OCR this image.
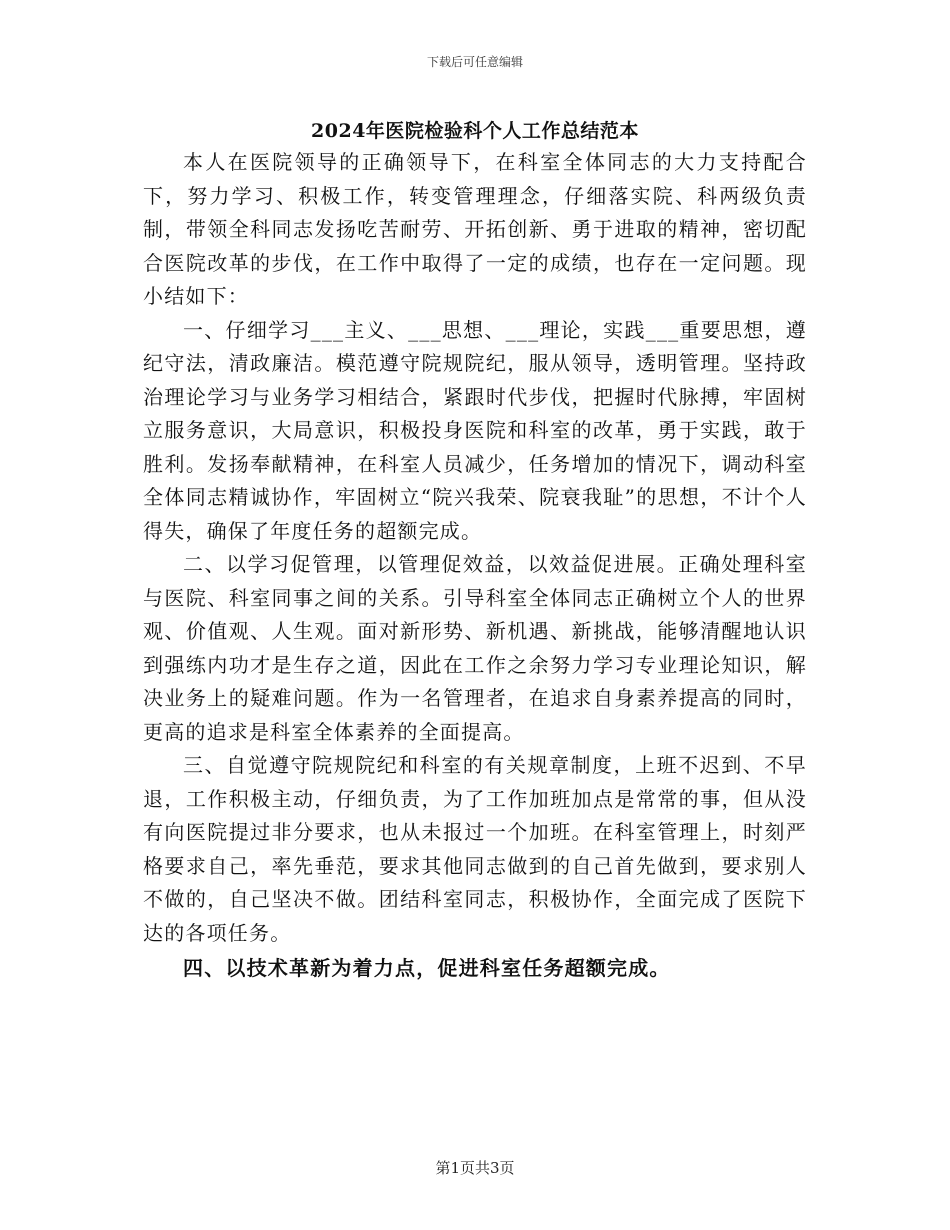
下载后可任意编辑
2024年医院检验科个人工作总结范本

本人在医院领导的正确领导下，在科室全体同志的大力支持配合下，努力学习、积极工作，转变管理理念，仔细落实院、科两级负责制，带领全科同志发扬吃苦耐劳、开拓创新、勇于进取的精神，密切配合医院改革的步伐，在工作中取得了一定的成绩，也存在一定问题。现小结如下：

一、仔细学习___主义、___思想、___理论，实践___重要思想，遵纪守法，清政廉洁。模范遵守院规院纪，服从领导，透明管理。坚持政治理论学习与业务学习相结合，紧跟时代步伐，把握时代脉搏，牢固树立服务意识，大局意识，积极投身医院和科室的改革，勇于实践，敢于胜利。发扬奉献精神，在科室人员减少，任务增加的情况下，调动科室全体同志精诚协作，牢固树立“院兴我荣、院衰我耻”的思想，不计个人得失，确保了年度任务的超额完成。

二、以学习促管理，以管理促效益，以效益促进展。正确处理科室与医院、科室同事之间的关系。引导科室全体同志正确树立个人的世界观、价值观、人生观。面对新形势、新机遇、新挑战，能够清醒地认识到强练内功才是生存之道，因此在工作之余努力学习专业理论知识，解决业务上的疑难问题。作为一名管理者，在追求自身素养提高的同时，更高的追求是科室全体素养的全面提高。

三、自觉遵守院规院纪和科室的有关规章制度，上班不迟到、不早退，工作积极主动，仔细负责，为了工作加班加点是常常的事，但从没有向医院提过非分要求，也从未报过一个加班。在科室管理上，时刻严格要求自己，率先垂范，要求其他同志做到的自己首先做到，要求别人不做的，自己坚决不做。团结科室同志，积极协作，全面完成了医院下达的各项任务。

四、以技术革新为着力点，促进科室任务超额完成。

第1页共3页
